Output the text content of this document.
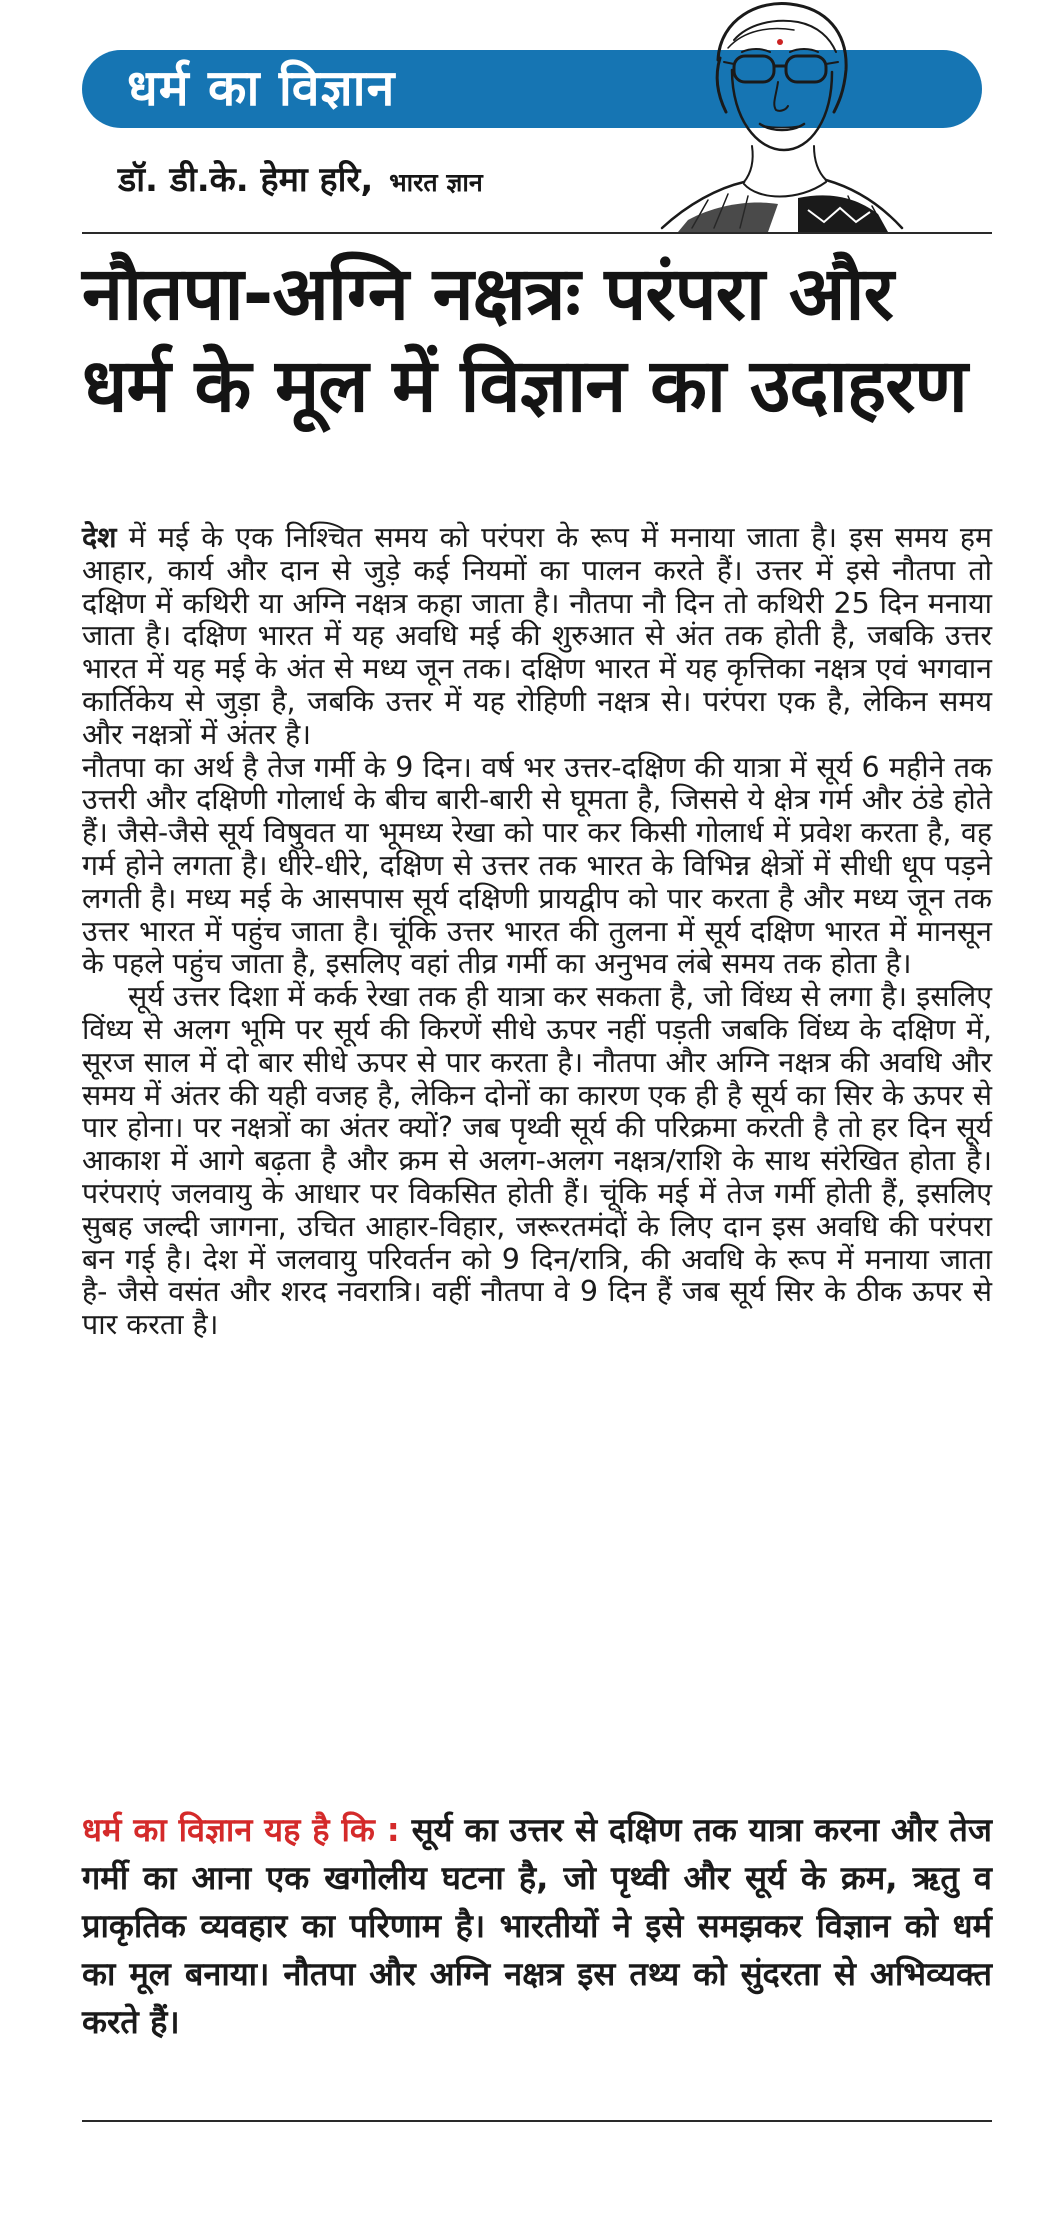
धर्म का विज्ञान
डॉ. डी.के. हेमा हरि, भारत ज्ञान
नौतपा-अग्नि नक्षत्रः परंपरा और
धर्म के मूल में विज्ञान का उदाहरण

देश में मई के एक निश्चित समय को परंपरा के रूप में मनाया जाता है। इस समय हम आहार, कार्य और दान से जुड़े कई नियमों का पालन करते हैं। उत्तर में इसे नौतपा तो दक्षिण में कथिरी या अग्नि नक्षत्र कहा जाता है। नौतपा नौ दिन तो कथिरी 25 दिन मनाया जाता है। दक्षिण भारत में यह अवधि मई की शुरुआत से अंत तक होती है, जबकि उत्तर भारत में यह मई के अंत से मध्य जून तक। दक्षिण भारत में यह कृत्तिका नक्षत्र एवं भगवान कार्तिकेय से जुड़ा है, जबकि उत्तर में यह रोहिणी नक्षत्र से। परंपरा एक है, लेकिन समय और नक्षत्रों में अंतर है।

नौतपा का अर्थ है तेज गर्मी के 9 दिन। वर्ष भर उत्तर-दक्षिण की यात्रा में सूर्य 6 महीने तक उत्तरी और दक्षिणी गोलार्ध के बीच बारी-बारी से घूमता है, जिससे ये क्षेत्र गर्म और ठंडे होते हैं। जैसे-जैसे सूर्य विषुवत या भूमध्य रेखा को पार कर किसी गोलार्ध में प्रवेश करता है, वह गर्म होने लगता है। धीरे-धीरे, दक्षिण से उत्तर तक भारत के विभिन्न क्षेत्रों में सीधी धूप पड़ने लगती है। मध्य मई के आसपास सूर्य दक्षिणी प्रायद्वीप को पार करता है और मध्य जून तक उत्तर भारत में पहुंच जाता है। चूंकि उत्तर भारत की तुलना में सूर्य दक्षिण भारत में मानसून के पहले पहुंच जाता है, इसलिए वहां तीव्र गर्मी का अनुभव लंबे समय तक होता है।

सूर्य उत्तर दिशा में कर्क रेखा तक ही यात्रा कर सकता है, जो विंध्य से लगा है। इसलिए विंध्य से अलग भूमि पर सूर्य की किरणें सीधे ऊपर नहीं पड़ती जबकि विंध्य के दक्षिण में, सूरज साल में दो बार सीधे ऊपर से पार करता है। नौतपा और अग्नि नक्षत्र की अवधि और समय में अंतर की यही वजह है, लेकिन दोनों का कारण एक ही है सूर्य का सिर के ऊपर से पार होना। पर नक्षत्रों का अंतर क्यों? जब पृथ्वी सूर्य की परिक्रमा करती है तो हर दिन सूर्य आकाश में आगे बढ़ता है और क्रम से अलग-अलग नक्षत्र/राशि के साथ संरेखित होता है। परंपराएं जलवायु के आधार पर विकसित होती हैं। चूंकि मई में तेज गर्मी होती हैं, इसलिए सुबह जल्दी जागना, उचित आहार-विहार, जरूरतमंदों के लिए दान इस अवधि की परंपरा बन गई है। देश में जलवायु परिवर्तन को 9 दिन/रात्रि, की अवधि के रूप में मनाया जाता है- जैसे वसंत और शरद नवरात्रि। वहीं नौतपा वे 9 दिन हैं जब सूर्य सिर के ठीक ऊपर से पार करता है।

धर्म का विज्ञान यह है कि : सूर्य का उत्तर से दक्षिण तक यात्रा करना और तेज गर्मी का आना एक खगोलीय घटना है, जो पृथ्वी और सूर्य के क्रम, ऋतु व प्राकृतिक व्यवहार का परिणाम है। भारतीयों ने इसे समझकर विज्ञान को धर्म का मूल बनाया। नौतपा और अग्नि नक्षत्र इस तथ्य को सुंदरता से अभिव्यक्त करते हैं।
